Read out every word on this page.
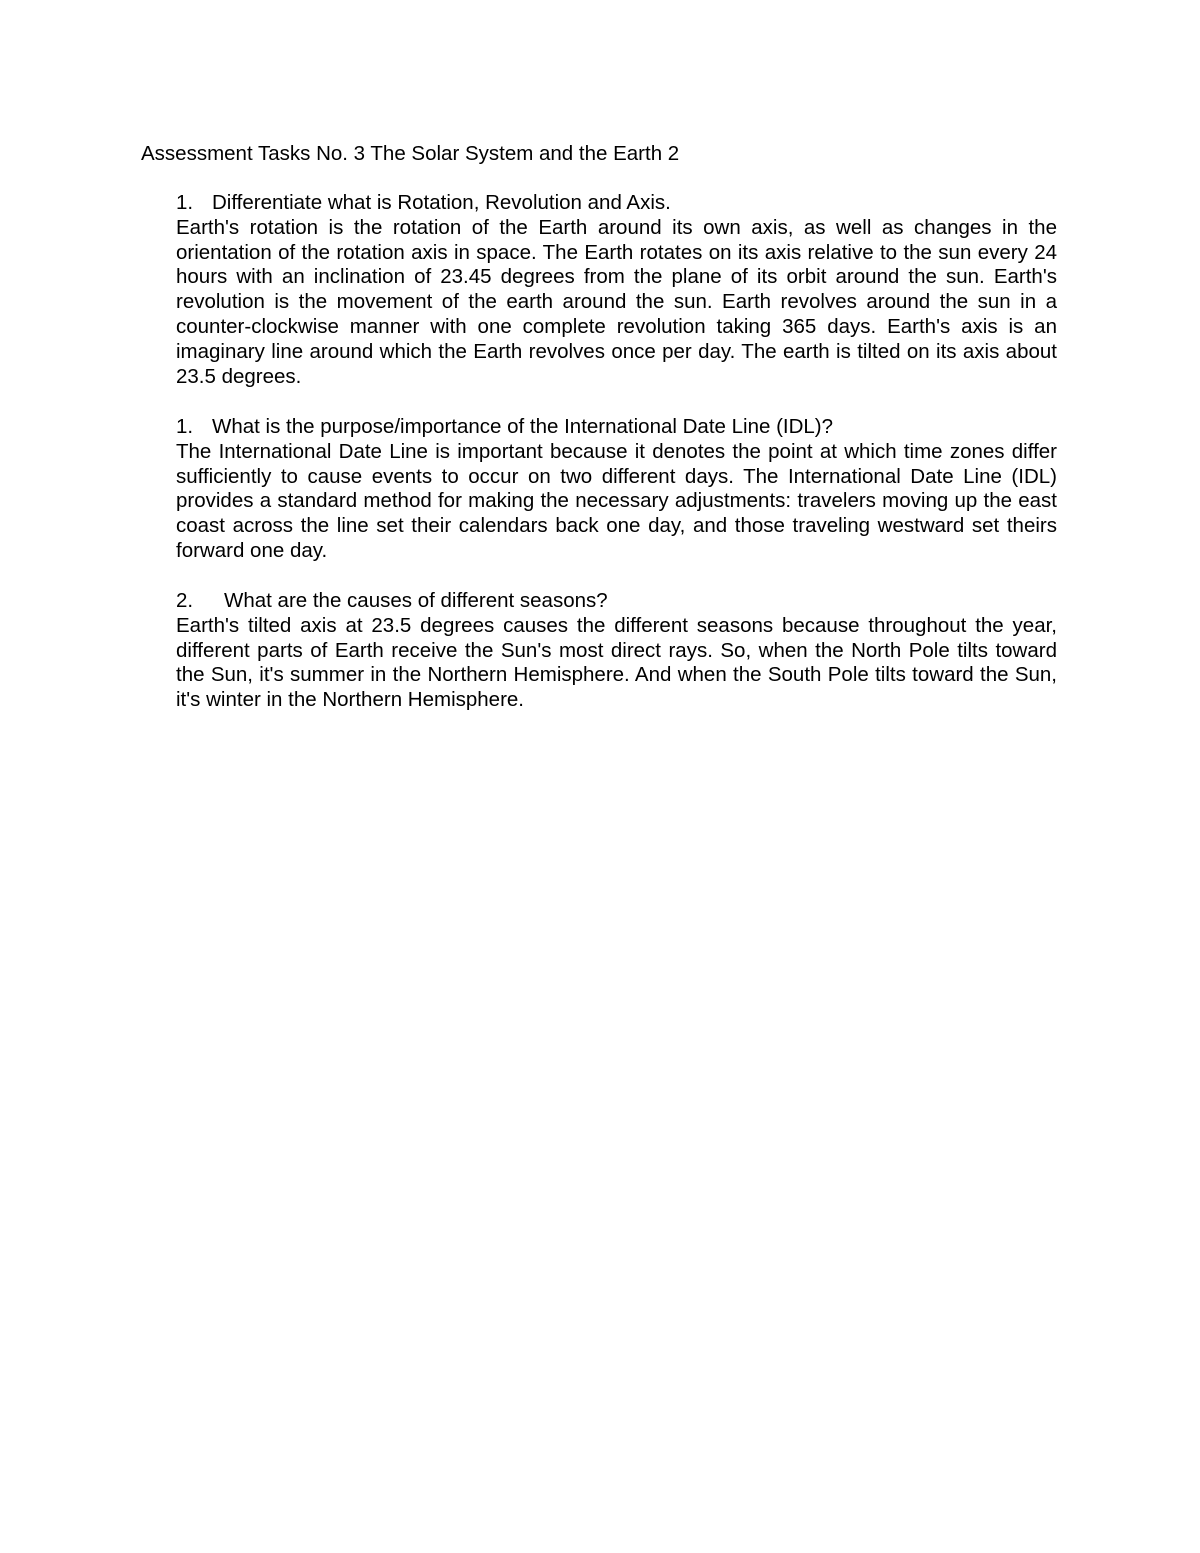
Assessment Tasks No. 3 The Solar System and the Earth 2
1. Differentiate what is Rotation, Revolution and Axis.

Earth's rotation is the rotation of the Earth around its own axis, as well as changes in the orientation of the rotation axis in space. The Earth rotates on its axis relative to the sun every 24 hours with an inclination of 23.45 degrees from the plane of its orbit around the sun. Earth's revolution is the movement of the earth around the sun. Earth revolves around the sun in a counter-clockwise manner with one complete revolution taking 365 days. Earth's axis is an imaginary line around which the Earth revolves once per day. The earth is tilted on its axis about 23.5 degrees.

1. What is the purpose/importance of the International Date Line (IDL)?

The International Date Line is important because it denotes the point at which time zones differ sufficiently to cause events to occur on two different days. The International Date Line (IDL) provides a standard method for making the necessary adjustments: travelers moving up the east coast across the line set their calendars back one day, and those traveling westward set theirs forward one day.

2.	What are the causes of different seasons?

Earth's tilted axis at 23.5 degrees causes the different seasons because throughout the year, different parts of Earth receive the Sun's most direct rays. So, when the North Pole tilts toward the Sun, it's summer in the Northern Hemisphere. And when the South Pole tilts toward the Sun, it's winter in the Northern Hemisphere.
